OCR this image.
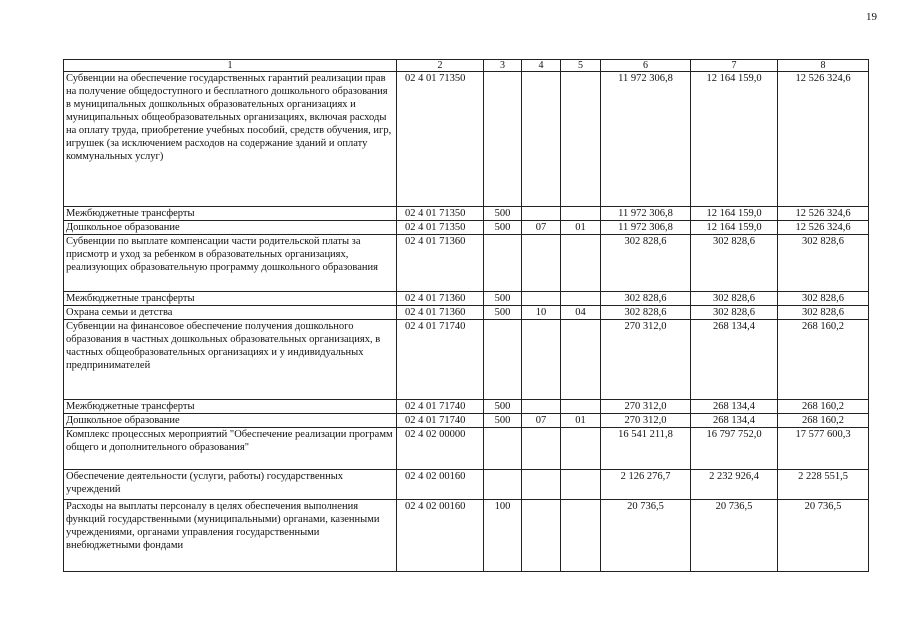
19
1	2	3	4	5	6	7	8
Субвенции на обеспечение государственных гарантий реализации прав на получение общедоступного и бесплатного дошкольного образования в муниципальных дошкольных образовательных организациях и муниципальных общеобразовательных организациях, включая расходы на оплату труда, приобретение учебных пособий, средств обучения, игр, игрушек (за исключением расходов на содержание зданий и оплату коммунальных услуг)	02 4 01 71350				11 972 306,8	12 164 159,0	12 526 324,6
Межбюджетные трансферты	02 4 01 71350	500			11 972 306,8	12 164 159,0	12 526 324,6
Дошкольное образование	02 4 01 71350	500	07	01	11 972 306,8	12 164 159,0	12 526 324,6
Субвенции по выплате компенсации части родительской платы за присмотр и уход за ребенком в образовательных организациях, реализующих образовательную программу дошкольного образования	02 4 01 71360				302 828,6	302 828,6	302 828,6
Межбюджетные трансферты	02 4 01 71360	500			302 828,6	302 828,6	302 828,6
Охрана семьи и детства	02 4 01 71360	500	10	04	302 828,6	302 828,6	302 828,6
Субвенции на финансовое обеспечение получения дошкольного образования в частных дошкольных образовательных организациях, в частных общеобразовательных организациях и у индивидуальных предпринимателей	02 4 01 71740				270 312,0	268 134,4	268 160,2
Межбюджетные трансферты	02 4 01 71740	500			270 312,0	268 134,4	268 160,2
Дошкольное образование	02 4 01 71740	500	07	01	270 312,0	268 134,4	268 160,2
Комплекс процессных мероприятий "Обеспечение реализации программ общего и дополнительного образования"	02 4 02 00000				16 541 211,8	16 797 752,0	17 577 600,3
Обеспечение деятельности (услуги, работы) государственных учреждений	02 4 02 00160				2 126 276,7	2 232 926,4	2 228 551,5
Расходы на выплаты персоналу в целях обеспечения выполнения функций государственными (муниципальными) органами, казенными учреждениями, органами управления государственными внебюджетными фондами	02 4 02 00160	100			20 736,5	20 736,5	20 736,5
